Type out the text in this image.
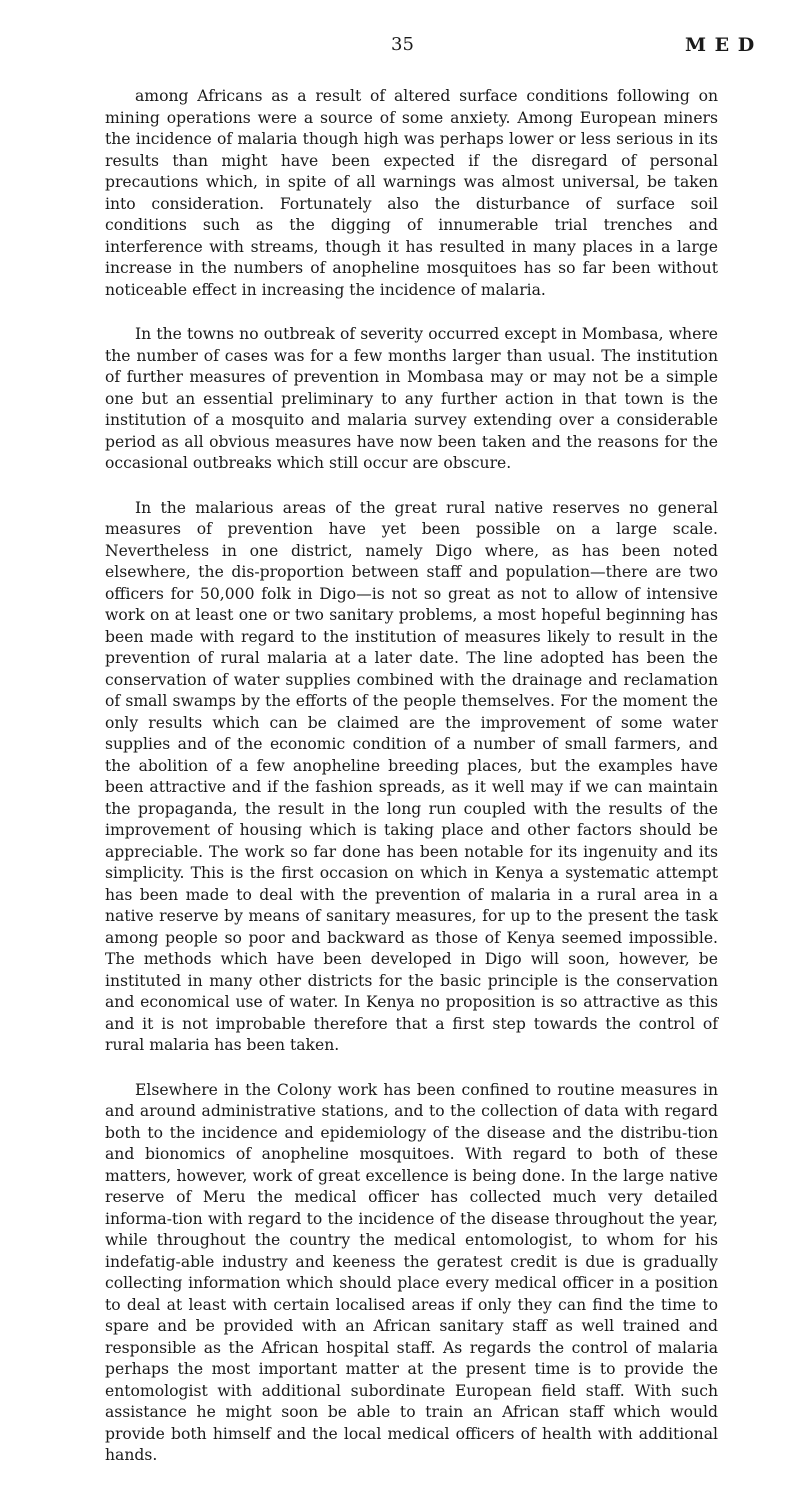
35	M E D

among Africans as a result of altered surface conditions following on mining operations were a source of some anxiety. Among European miners the incidence of malaria though high was perhaps lower or less serious in its results than might have been expected if the disregard of personal precautions which, in spite of all warnings was almost universal, be taken into consideration. Fortunately also the disturbance of surface soil conditions such as the digging of innumerable trial trenches and interference with streams, though it has resulted in many places in a large increase in the numbers of anopheline mosquitoes has so far been without noticeable effect in increasing the incidence of malaria.

In the towns no outbreak of severity occurred except in Mombasa, where the number of cases was for a few months larger than usual. The institution of further measures of prevention in Mombasa may or may not be a simple one but an essential preliminary to any further action in that town is the institution of a mosquito and malaria survey extending over a considerable period as all obvious measures have now been taken and the reasons for the occasional outbreaks which still occur are obscure.

In the malarious areas of the great rural native reserves no general measures of prevention have yet been possible on a large scale. Nevertheless in one district, namely Digo where, as has been noted elsewhere, the dis-proportion between staff and population—there are two officers for 50,000 folk in Digo—is not so great as not to allow of intensive work on at least one or two sanitary problems, a most hopeful beginning has been made with regard to the institution of measures likely to result in the prevention of rural malaria at a later date. The line adopted has been the conservation of water supplies combined with the drainage and reclamation of small swamps by the efforts of the people themselves. For the moment the only results which can be claimed are the improvement of some water supplies and of the economic condition of a number of small farmers, and the abolition of a few anopheline breeding places, but the examples have been attractive and if the fashion spreads, as it well may if we can maintain the propaganda, the result in the long run coupled with the results of the improvement of housing which is taking place and other factors should be appreciable. The work so far done has been notable for its ingenuity and its simplicity. This is the first occasion on which in Kenya a systematic attempt has been made to deal with the prevention of malaria in a rural area in a native reserve by means of sanitary measures, for up to the present the task among people so poor and backward as those of Kenya seemed impossible. The methods which have been developed in Digo will soon, however, be instituted in many other districts for the basic principle is the conservation and economical use of water. In Kenya no proposition is so attractive as this and it is not improbable therefore that a first step towards the control of rural malaria has been taken.

Elsewhere in the Colony work has been confined to routine measures in and around administrative stations, and to the collection of data with regard both to the incidence and epidemiology of the disease and the distribu-tion and bionomics of anopheline mosquitoes. With regard to both of these matters, however, work of great excellence is being done. In the large native reserve of Meru the medical officer has collected much very detailed informa-tion with regard to the incidence of the disease throughout the year, while throughout the country the medical entomologist, to whom for his indefatig-able industry and keeness the geratest credit is due is gradually collecting information which should place every medical officer in a position to deal at least with certain localised areas if only they can find the time to spare and be provided with an African sanitary staff as well trained and responsible as the African hospital staff. As regards the control of malaria perhaps the most important matter at the present time is to provide the entomologist with additional subordinate European field staff. With such assistance he might soon be able to train an African staff which would provide both himself and the local medical officers of health with additional hands.
